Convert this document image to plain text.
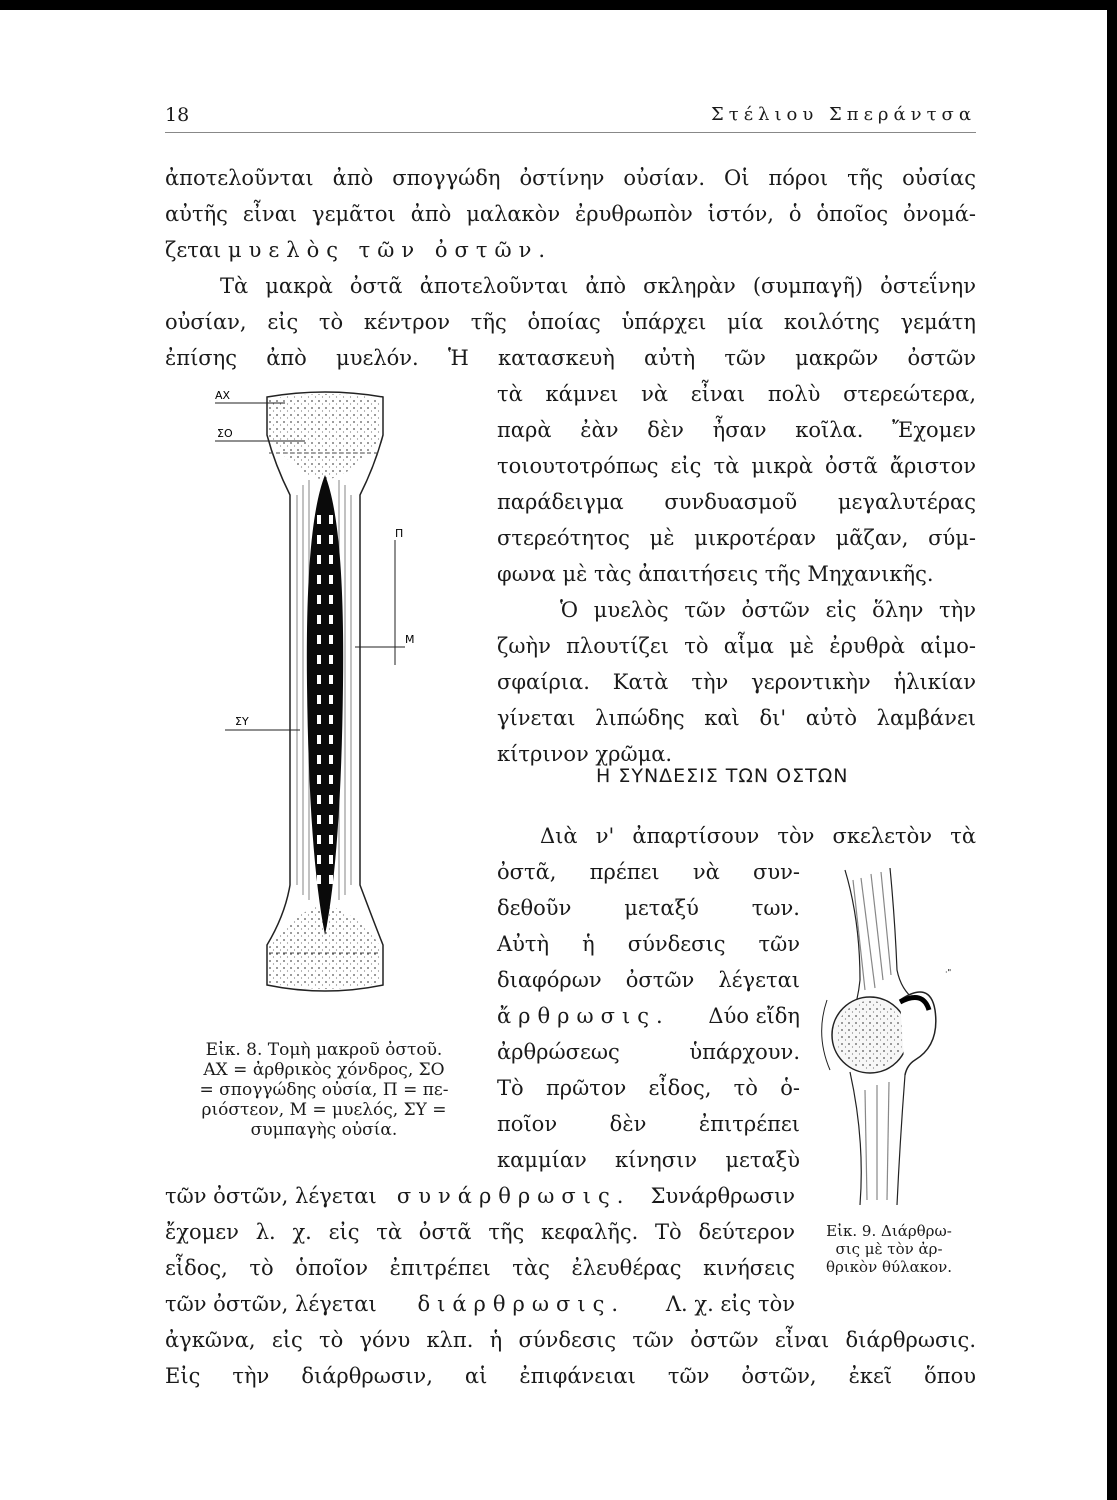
18	Στέλιου Σπεράντσα
ἀποτελοῦνται ἀπὸ σπογγώδη ὀστίνην οὐσίαν. Οἱ πόροι τῆς οὐσίας
αὐτῆς εἶναι γεμᾶτοι ἀπὸ μαλακὸν ἐρυθρωπὸν ἱστόν, ὁ ὁποῖος ὀνομά-
ζεται μυελὸς τῶν ὀστῶν.
Τὰ μακρὰ ὀστᾶ ἀποτελοῦνται ἀπὸ σκληρὰν (συμπαγῆ) ὀστεΐνην
οὐσίαν, εἰς τὸ κέντρον τῆς ὁποίας ὑπάρχει μία κοιλότης γεμάτη
ἐπίσης ἀπὸ μυελόν. Ἡ κατασκευὴ αὐτὴ τῶν μακρῶν ὀστῶν
τὰ κάμνει νὰ εἶναι πολὺ στερεώτερα,
παρὰ ἐὰν δὲν ἦσαν κοῖλα. Ἔχομεν
τοιουτοτρόπως εἰς τὰ μικρὰ ὀστᾶ ἄριστον
παράδειγμα συνδυασμοῦ μεγαλυτέρας
στερεότητος μὲ μικροτέραν μᾶζαν, σύμ-
φωνα μὲ τὰς ἀπαιτήσεις τῆς Μηχανικῆς.
Ὁ μυελὸς τῶν ὀστῶν εἰς ὅλην τὴν
ζωὴν πλουτίζει τὸ αἷμα μὲ ἐρυθρὰ αἱμο-
σφαίρια. Κατὰ τὴν γεροντικὴν ἡλικίαν
γίνεται λιπώδης καὶ δι' αὐτὸ λαμβάνει
κίτρινον χρῶμα.
Η ΣΥΝΔΕΣΙΣ ΤΩΝ ΟΣΤΩΝ
Διὰ ν' ἀπαρτίσουν τὸν σκελετὸν τὰ
ὀστᾶ, πρέπει νὰ συν-
δεθοῦν μεταξύ των.
Αὐτὴ ἡ σύνδεσις τῶν
διαφόρων ὀστῶν λέγεται
ἄρθρωσις. Δύο εἴδη
ἀρθρώσεως ὑπάρχουν.
Τὸ πρῶτον εἶδος, τὸ ὁ-
ποῖον δὲν ἐπιτρέπει
καμμίαν κίνησιν μεταξὺ
τῶν ὀστῶν, λέγεται συνάρθρωσις. Συνάρθρωσιν
ἔχομεν λ. χ. εἰς τὰ ὀστᾶ τῆς κεφαλῆς. Τὸ δεύτερον
εἶδος, τὸ ὁποῖον ἐπιτρέπει τὰς ἐλευθέρας κινήσεις
τῶν ὀστῶν, λέγεται διάρθρωσις. Λ. χ. εἰς τὸν
ἀγκῶνα, εἰς τὸ γόνυ κλπ. ἡ σύνδεσις τῶν ὀστῶν εἶναι διάρθρωσις.
Εἰς τὴν διάρθρωσιν, αἱ ἐπιφάνειαι τῶν ὀστῶν, ἐκεῖ ὅπου
ΑΧ
ΣΟ
Π
Μ
ΣΥ
Εἰκ. 8. Τομὴ μακροῦ ὀστοῦ.
ΑΧ = ἀρθρικὸς χόνδρος, ΣΟ
= σπογγώδης οὐσία, Π = πε-
ριόστεον, Μ = μυελός, ΣΥ =
συμπαγὴς οὐσία.
·"
Εἰκ. 9. Διάρθρω-
σις μὲ τὸν ἀρ-
θρικὸν θύλακον.
